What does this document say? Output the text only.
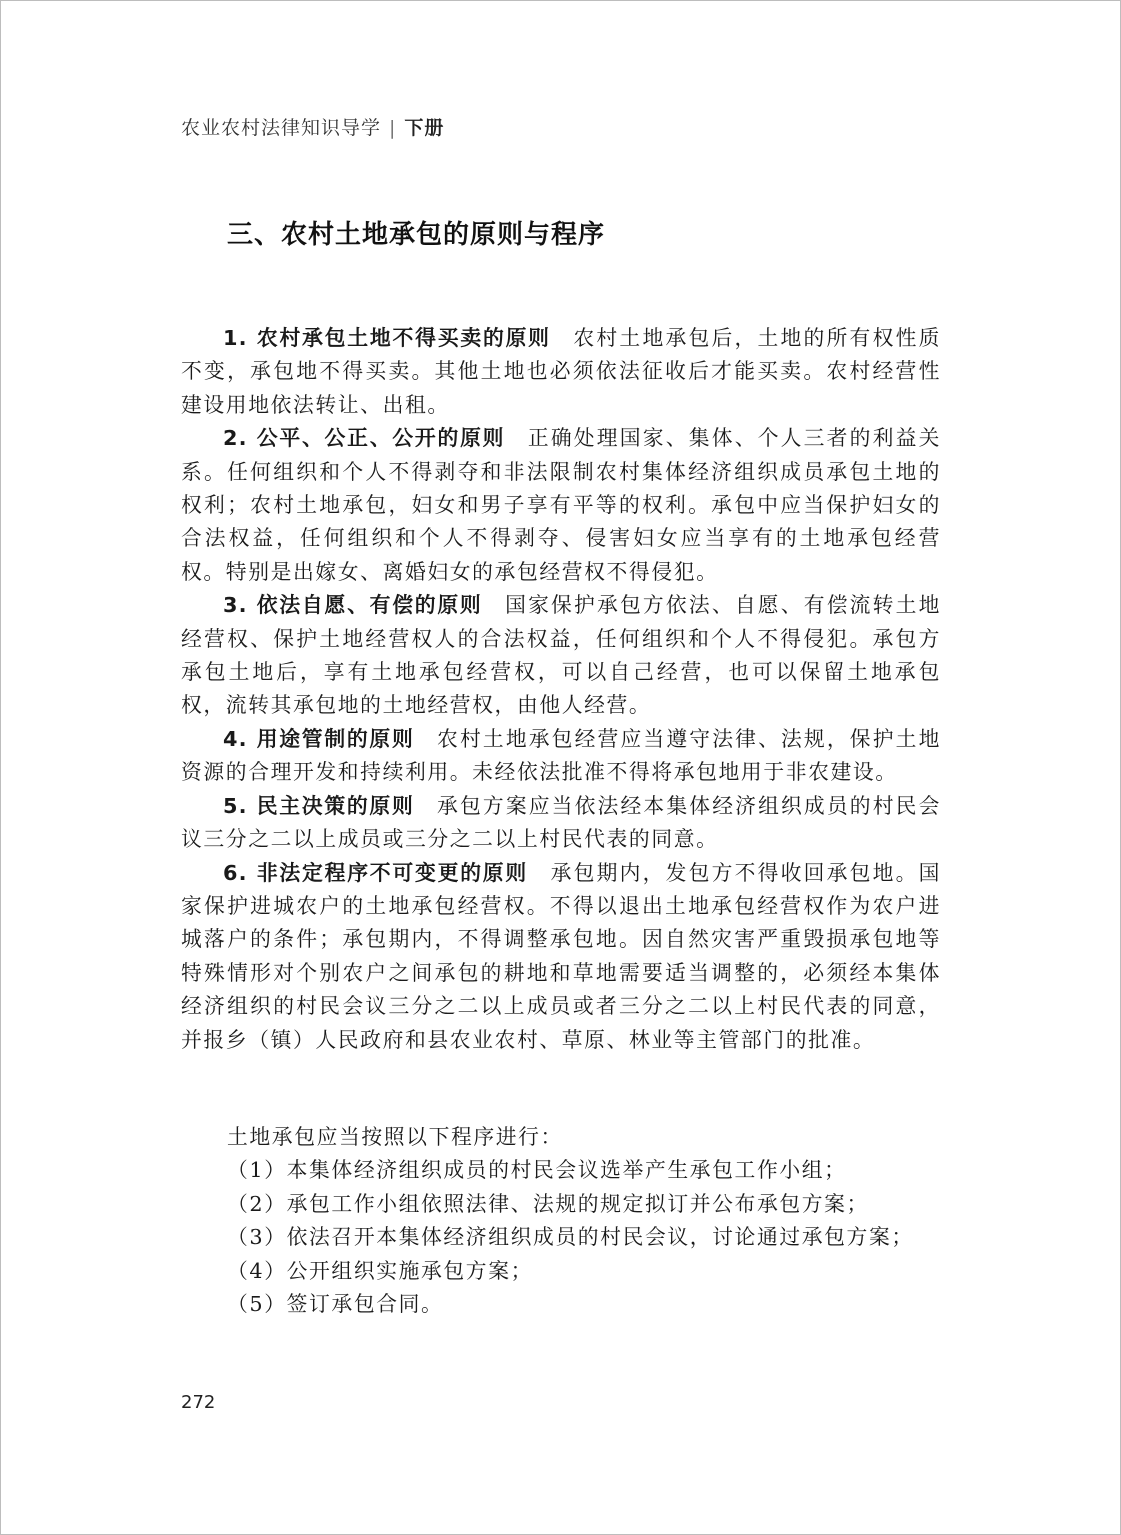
农业农村法律知识导学 | 下册
三、农村土地承包的原则与程序

1. 农村承包土地不得买卖的原则 农村土地承包后，土地的所有权性质不变，承包地不得买卖。其他土地也必须依法征收后才能买卖。农村经营性建设用地依法转让、出租。

2. 公平、公正、公开的原则 正确处理国家、集体、个人三者的利益关系。任何组织和个人不得剥夺和非法限制农村集体经济组织成员承包土地的权利；农村土地承包，妇女和男子享有平等的权利。承包中应当保护妇女的合法权益，任何组织和个人不得剥夺、侵害妇女应当享有的土地承包经营权。特别是出嫁女、离婚妇女的承包经营权不得侵犯。

3. 依法自愿、有偿的原则 国家保护承包方依法、自愿、有偿流转土地经营权、保护土地经营权人的合法权益，任何组织和个人不得侵犯。承包方承包土地后，享有土地承包经营权，可以自己经营，也可以保留土地承包权，流转其承包地的土地经营权，由他人经营。

4. 用途管制的原则 农村土地承包经营应当遵守法律、法规，保护土地资源的合理开发和持续利用。未经依法批准不得将承包地用于非农建设。

5. 民主决策的原则 承包方案应当依法经本集体经济组织成员的村民会议三分之二以上成员或三分之二以上村民代表的同意。

6. 非法定程序不可变更的原则 承包期内，发包方不得收回承包地。国家保护进城农户的土地承包经营权。不得以退出土地承包经营权作为农户进城落户的条件；承包期内，不得调整承包地。因自然灾害严重毁损承包地等特殊情形对个别农户之间承包的耕地和草地需要适当调整的，必须经本集体经济组织的村民会议三分之二以上成员或者三分之二以上村民代表的同意，并报乡（镇）人民政府和县农业农村、草原、林业等主管部门的批准。

土地承包应当按照以下程序进行：

（1）本集体经济组织成员的村民会议选举产生承包工作小组；

（2）承包工作小组依照法律、法规的规定拟订并公布承包方案；

（3）依法召开本集体经济组织成员的村民会议，讨论通过承包方案；

（4）公开组织实施承包方案；

（5）签订承包合同。

272
